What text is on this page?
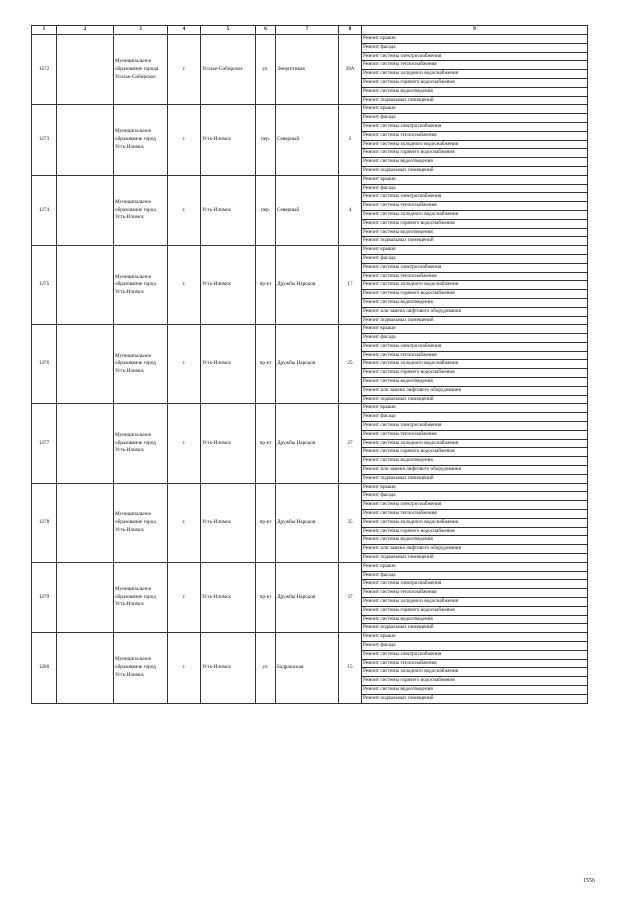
1	2	3	4	5	6	7	8	9
1272		Муниципальное образование города Усолье-Сибирское	г.	Усолье-Сибирское	ул.	Энергетиков	39А	Ремонт крыши
								Ремонт фасада
								Ремонт системы электроснабжения
								Ремонт системы теплоснабжения
								Ремонт системы холодного водоснабжения
								Ремонт системы горячего водоснабжения
								Ремонт системы водоотведения
								Ремонт подвальных помещений
1273		Муниципальное образование город Усть-Илимск	г.	Усть-Илимск	пер.	Северный	2	Ремонт крыши
								Ремонт фасада
								Ремонт системы электроснабжения
								Ремонт системы теплоснабжения
								Ремонт системы холодного водоснабжения
								Ремонт системы горячего водоснабжения
								Ремонт системы водоотведения
								Ремонт подвальных помещений
1274		Муниципальное образование город Усть-Илимск	г.	Усть-Илимск	пер.	Северный	4	Ремонт крыши
								Ремонт фасада
								Ремонт системы электроснабжения
								Ремонт системы теплоснабжения
								Ремонт системы холодного водоснабжения
								Ремонт системы горячего водоснабжения
								Ремонт системы водоотведения
								Ремонт подвальных помещений
1275		Муниципальное образование город Усть-Илимск	г.	Усть-Илимск	пр-кт	Дружбы Народов	17	Ремонт крыши
								Ремонт фасада
								Ремонт системы электроснабжения
								Ремонт системы теплоснабжения
								Ремонт системы холодного водоснабжения
								Ремонт системы горячего водоснабжения
								Ремонт системы водоотведения
								Ремонт или замена лифтового оборудования
								Ремонт подвальных помещений
1276		Муниципальное образование город Усть-Илимск	г.	Усть-Илимск	пр-кт	Дружбы Народов	25	Ремонт крыши
								Ремонт фасада
								Ремонт системы электроснабжения
								Ремонт системы теплоснабжения
								Ремонт системы холодного водоснабжения
								Ремонт системы горячего водоснабжения
								Ремонт системы водоотведения
								Ремонт или замена лифтового оборудования
								Ремонт подвальных помещений
1277		Муниципальное образование город Усть-Илимск	г.	Усть-Илимск	пр-кт	Дружбы Народов	27	Ремонт крыши
								Ремонт фасада
								Ремонт системы электроснабжения
								Ремонт системы теплоснабжения
								Ремонт системы холодного водоснабжения
								Ремонт системы горячего водоснабжения
								Ремонт системы водоотведения
								Ремонт или замена лифтового оборудования
								Ремонт подвальных помещений
1278		Муниципальное образование город Усть-Илимск	г.	Усть-Илимск	пр-кт	Дружбы Народов	35	Ремонт крыши
								Ремонт фасада
								Ремонт системы электроснабжения
								Ремонт системы теплоснабжения
								Ремонт системы холодного водоснабжения
								Ремонт системы горячего водоснабжения
								Ремонт системы водоотведения
								Ремонт или замена лифтового оборудования
								Ремонт подвальных помещений
1279		Муниципальное образование город Усть-Илимск	г.	Усть-Илимск	пр-кт	Дружбы Народов	37	Ремонт крыши
								Ремонт фасада
								Ремонт системы электроснабжения
								Ремонт системы теплоснабжения
								Ремонт системы холодного водоснабжения
								Ремонт системы горячего водоснабжения
								Ремонт системы водоотведения
								Ремонт подвальных помещений
1280		Муниципальное образование город Усть-Илимск	г.	Усть-Илимск	ул.	Бадрашская	15	Ремонт крыши
								Ремонт фасада
								Ремонт системы электроснабжения
								Ремонт системы теплоснабжения
								Ремонт системы холодного водоснабжения
								Ремонт системы горячего водоснабжения
								Ремонт системы водоотведения
								Ремонт подвальных помещений
1556
